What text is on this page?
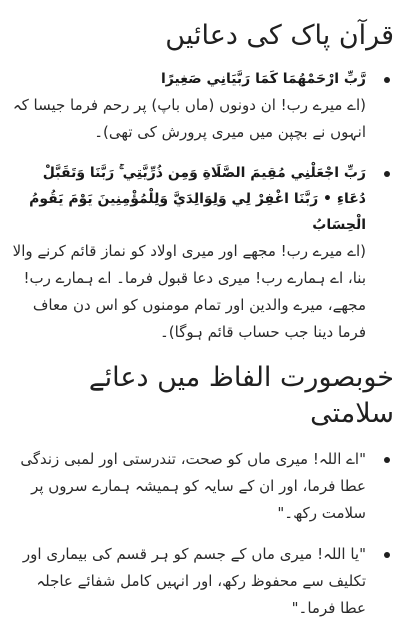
قرآن پاک کی دعائیں
رَّبِّ ارْحَمْهُمَا كَمَا رَبَّيَانِي صَغِيرًا
(اے میرے رب! ان دونوں (ماں باپ) پر رحم فرما جیسا کہ انہوں نے بچپن میں میری پرورش کی تھی)۔
رَبِّ اجْعَلْنِي مُقِيمَ الصَّلَاةِ وَمِن ذُرِّيَّتِي ۚ رَبَّنَا وَتَقَبَّلْ دُعَاءِ • رَبَّنَا اغْفِرْ لِي وَلِوَالِدَيَّ وَلِلْمُؤْمِنِينَ يَوْمَ يَقُومُ الْحِسَابُ
(اے میرے رب! مجھے اور میری اولاد کو نماز قائم کرنے والا بنا، اے ہمارے رب! میری دعا قبول فرما۔ اے ہمارے رب! مجھے، میرے والدین اور تمام مومنوں کو اس دن معاف فرما دینا جب حساب قائم ہوگا)۔
خوبصورت الفاظ میں دعائے سلامتی
"اے اللہ! میری ماں کو صحت، تندرستی اور لمبی زندگی عطا فرما، اور ان کے سایہ کو ہمیشہ ہمارے سروں پر سلامت رکھ۔"
"یا اللہ! میری ماں کے جسم کو ہر قسم کی بیماری اور تکلیف سے محفوظ رکھ، اور انہیں کامل شفائے عاجلہ عطا فرما۔"
